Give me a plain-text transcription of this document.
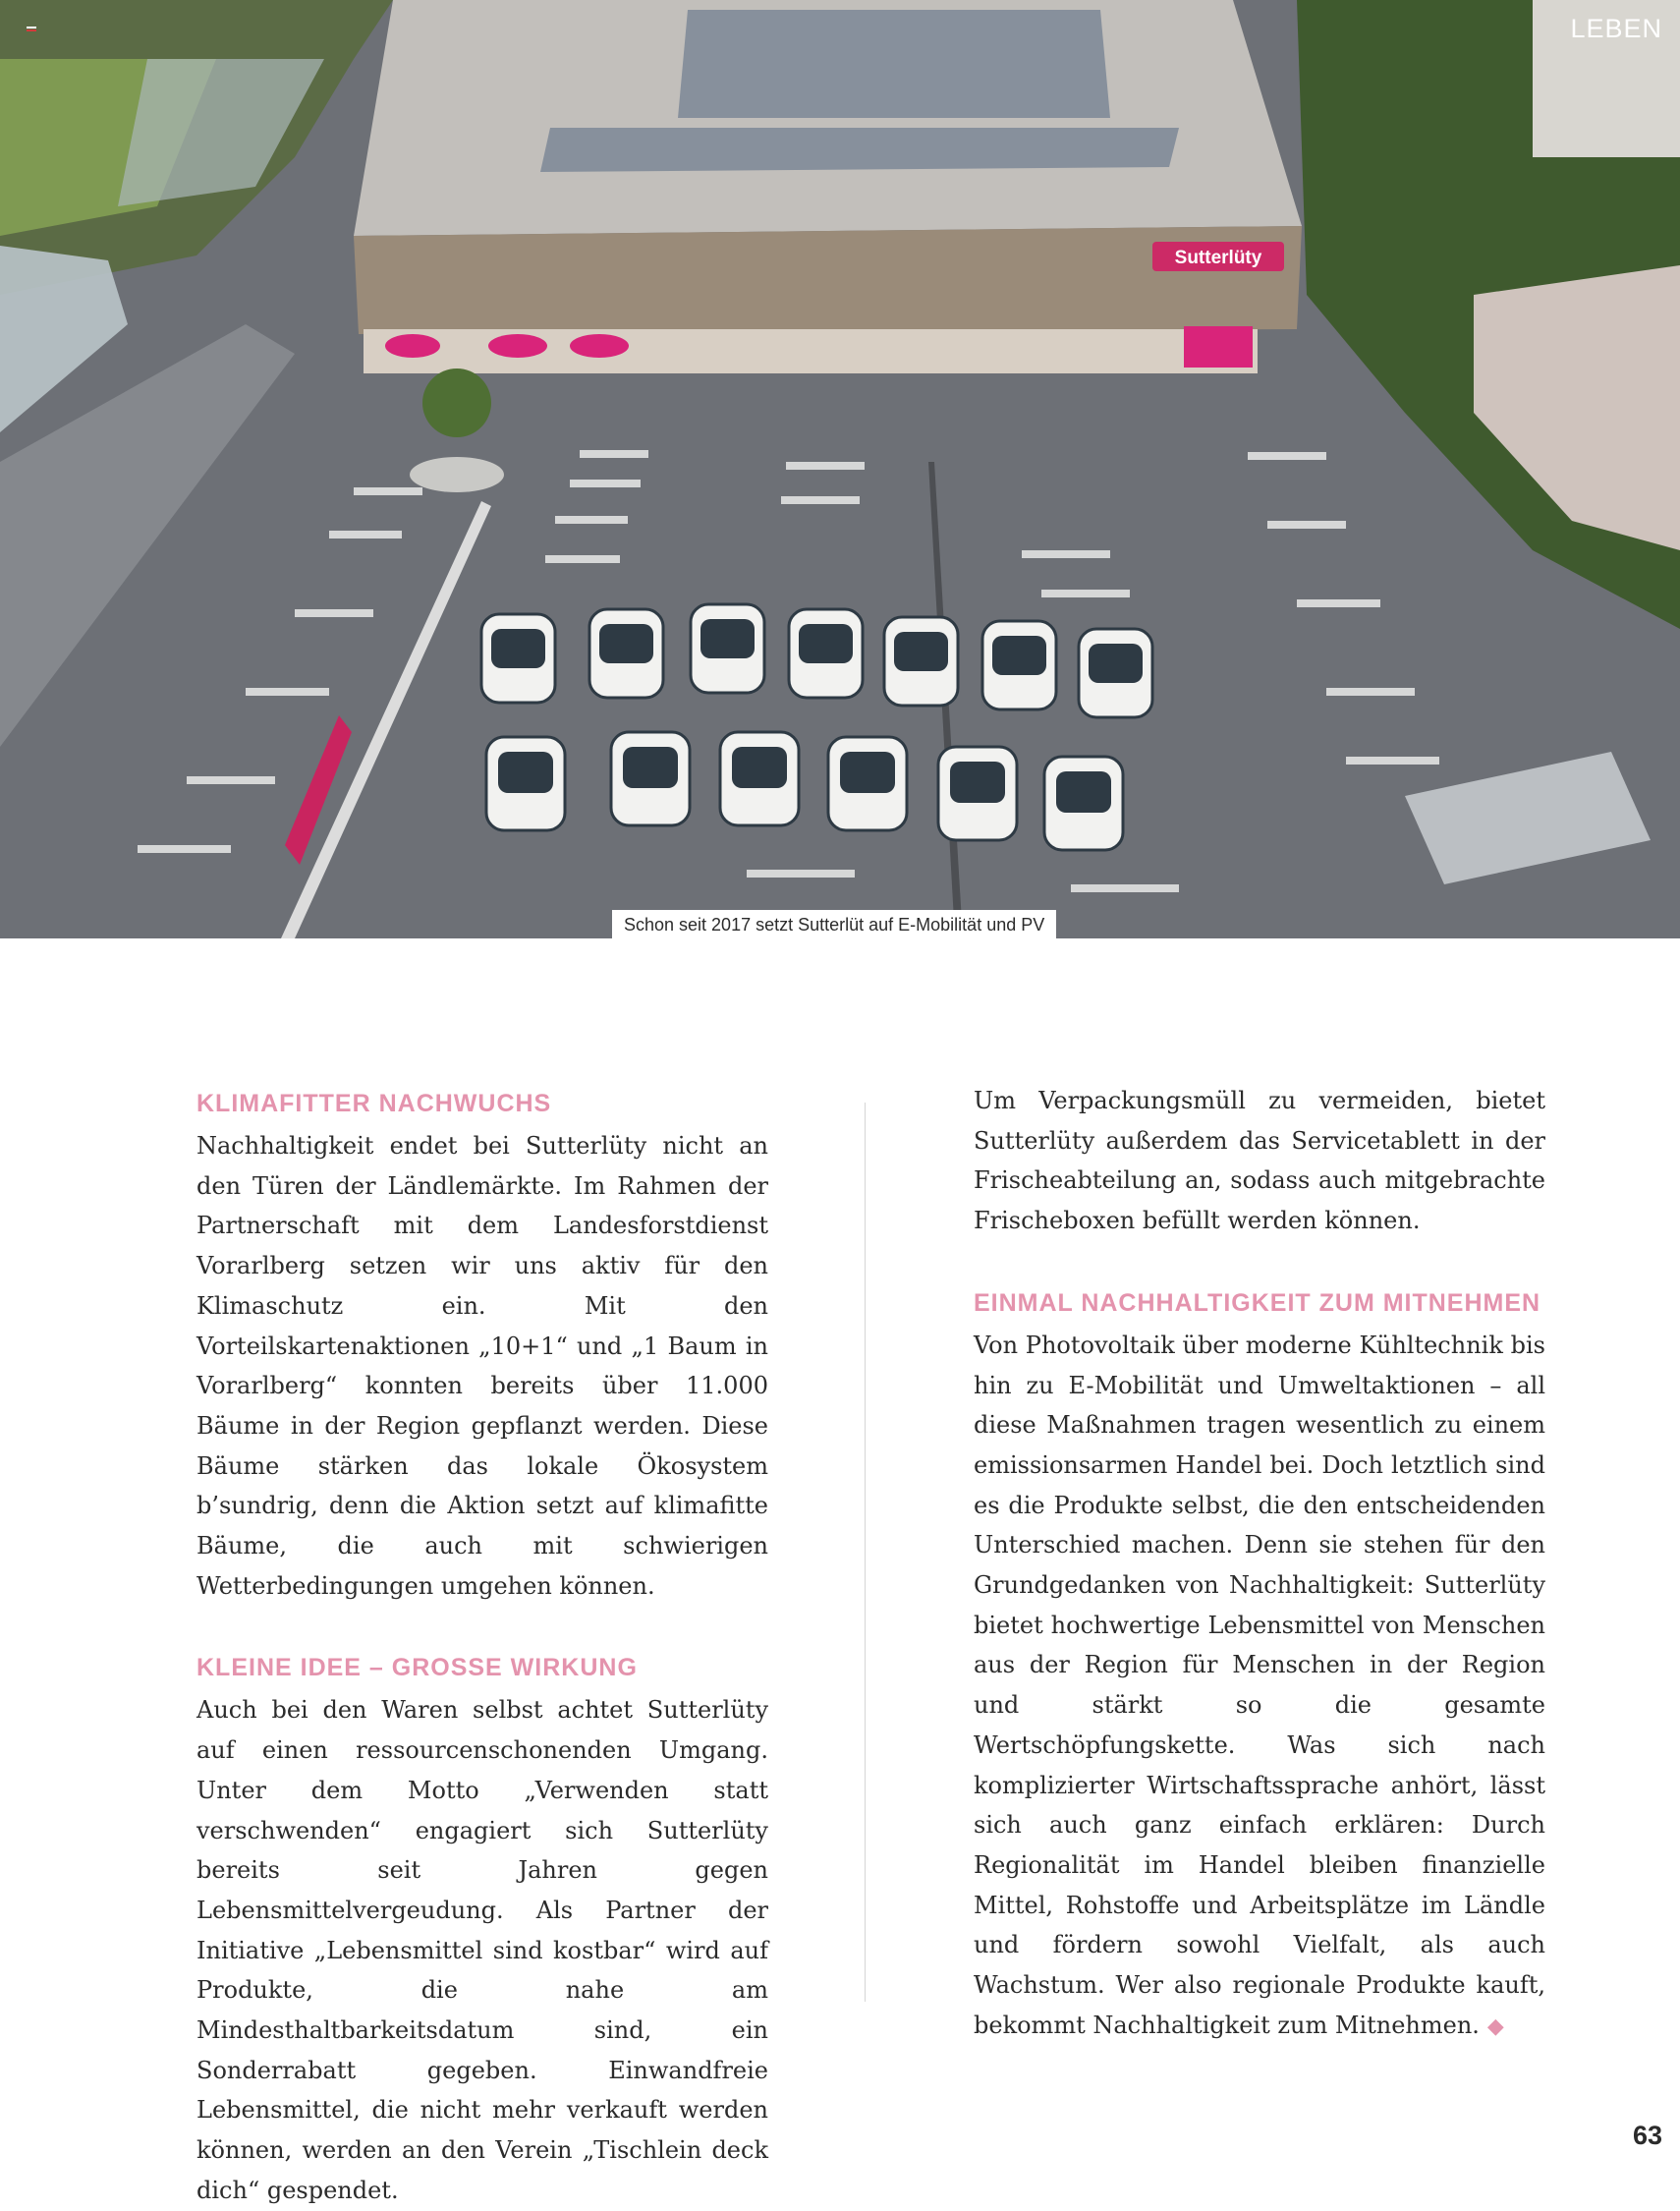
Sutterlüty
LEBEN
Schon seit 2017 setzt Sutterlüt auf E-Mobilität und PV
KLIMAFITTER NACHWUCHS

Nachhaltigkeit endet bei Sutterlüty nicht an den Türen der Ländlemärkte. Im Rahmen der Partnerschaft mit dem Landesforstdienst Vorarlberg setzen wir uns aktiv für den Klimaschutz ein. Mit den Vorteilskartenaktionen „10+1“ und „1 Baum in Vorarlberg“ konnten bereits über 11.000 Bäume in der Region gepflanzt werden. Diese Bäume stärken das lokale Ökosystem b’sundrig, denn die Aktion setzt auf klimafitte Bäume, die auch mit schwierigen Wetterbedingungen umgehen können.

KLEINE IDEE – GROSSE WIRKUNG

Auch bei den Waren selbst achtet Sutterlüty auf einen ressourcenschonenden Umgang. Unter dem Motto „Verwenden statt verschwenden“ engagiert sich Sutterlüty bereits seit Jahren gegen Lebensmittelvergeudung. Als Partner der Initiative „Lebensmittel sind kostbar“ wird auf Produkte, die nahe am Mindesthaltbarkeitsdatum sind, ein Sonderrabatt gegeben. Einwandfreie Lebensmittel, die nicht mehr verkauft werden können, werden an den Verein „Tischlein deck dich“ gespendet.

Um Verpackungsmüll zu vermeiden, bietet Sutterlüty außerdem das Servicetablett in der Frischeabteilung an, sodass auch mitgebrachte Frischeboxen befüllt werden können.

EINMAL NACHHALTIGKEIT ZUM MITNEHMEN

Von Photovoltaik über moderne Kühltechnik bis hin zu E-Mobilität und Umweltaktionen – all diese Maßnahmen tragen wesentlich zu einem emissionsarmen Handel bei. Doch letztlich sind es die Produkte selbst, die den entscheidenden Unterschied machen. Denn sie stehen für den Grundgedanken von Nachhaltigkeit: Sutterlüty bietet hochwertige Lebensmittel von Menschen aus der Region für Menschen in der Region und stärkt so die gesamte Wertschöpfungskette. Was sich nach komplizierter Wirtschaftssprache anhört, lässt sich auch ganz einfach erklären: Durch Regionalität im Handel bleiben finanzielle Mittel, Rohstoffe und Arbeitsplätze im Ländle und fördern sowohl Vielfalt, als auch Wachstum. Wer also regionale Produkte kauft, bekommt Nachhaltigkeit zum Mitnehmen. ◆

63
